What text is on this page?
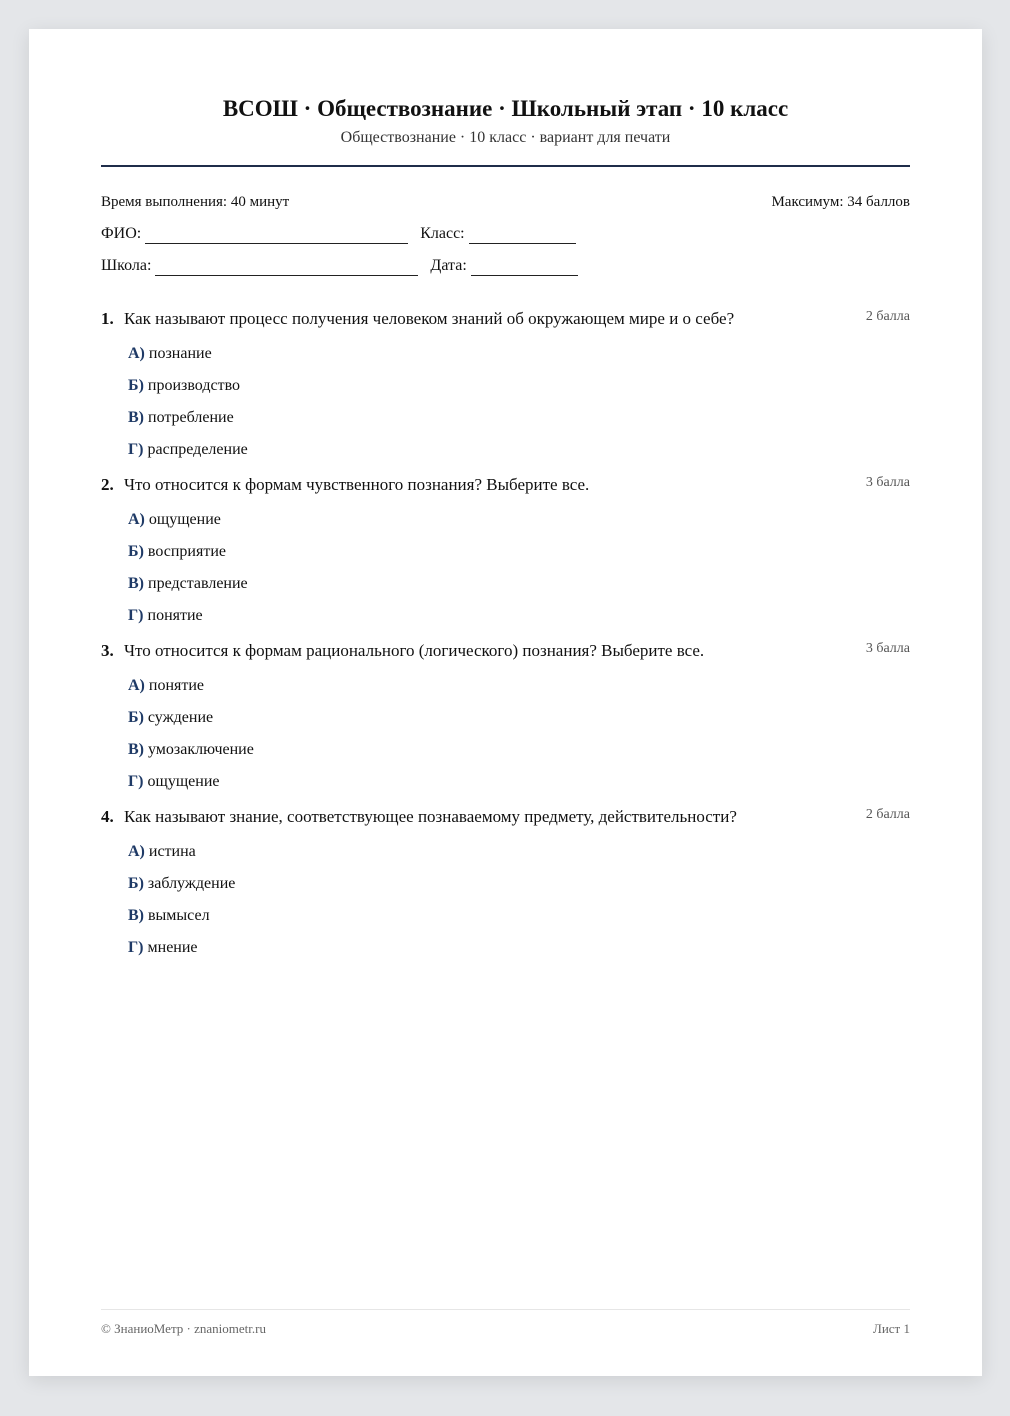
ВСОШ · Обществознание · Школьный этап · 10 класс
Обществознание · 10 класс · вариант для печати
Время выполнения: 40 минут	Максимум: 34 баллов
ФИО:	Класс:
Школа:	Дата:
1. Как называют процесс получения человеком знаний об окружающем мире и о себе?	2 балла
А) познание
Б) производство
В) потребление
Г) распределение
2. Что относится к формам чувственного познания? Выберите все.	3 балла
А) ощущение
Б) восприятие
В) представление
Г) понятие
3. Что относится к формам рационального (логического) познания? Выберите все.	3 балла
А) понятие
Б) суждение
В) умозаключение
Г) ощущение
4. Как называют знание, соответствующее познаваемому предмету, действительности?	2 балла
А) истина
Б) заблуждение
В) вымысел
Г) мнение
© ЗнаниоМетр · znaniometr.ru	Лист 1
